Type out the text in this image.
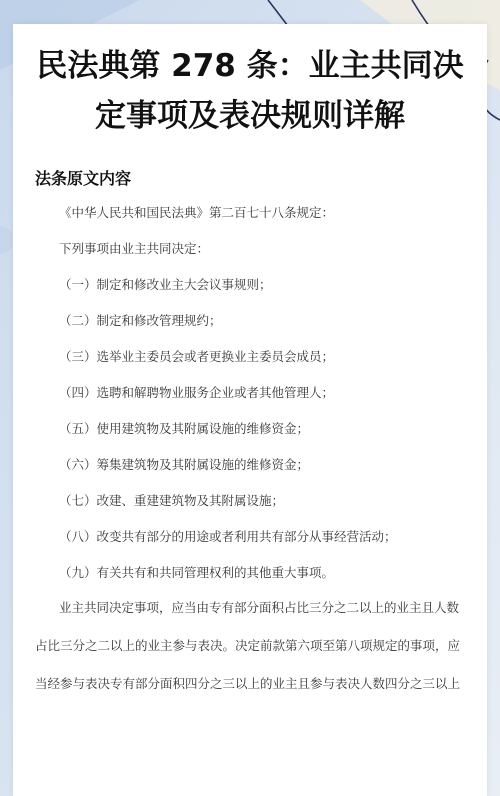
民法典第 278 条：业主共同决
定事项及表决规则详解
法条原文内容
《中华人民共和国民法典》第二百七十八条规定：
下列事项由业主共同决定：
（一）制定和修改业主大会议事规则；
（二）制定和修改管理规约；
（三）选举业主委员会或者更换业主委员会成员；
（四）选聘和解聘物业服务企业或者其他管理人；
（五）使用建筑物及其附属设施的维修资金；
（六）筹集建筑物及其附属设施的维修资金；
（七）改建、重建建筑物及其附属设施；
（八）改变共有部分的用途或者利用共有部分从事经营活动；
（九）有关共有和共同管理权利的其他重大事项。
业主共同决定事项，应当由专有部分面积占比三分之二以上的业主且人数
占比三分之二以上的业主参与表决。决定前款第六项至第八项规定的事项，应
当经参与表决专有部分面积四分之三以上的业主且参与表决人数四分之三以上
